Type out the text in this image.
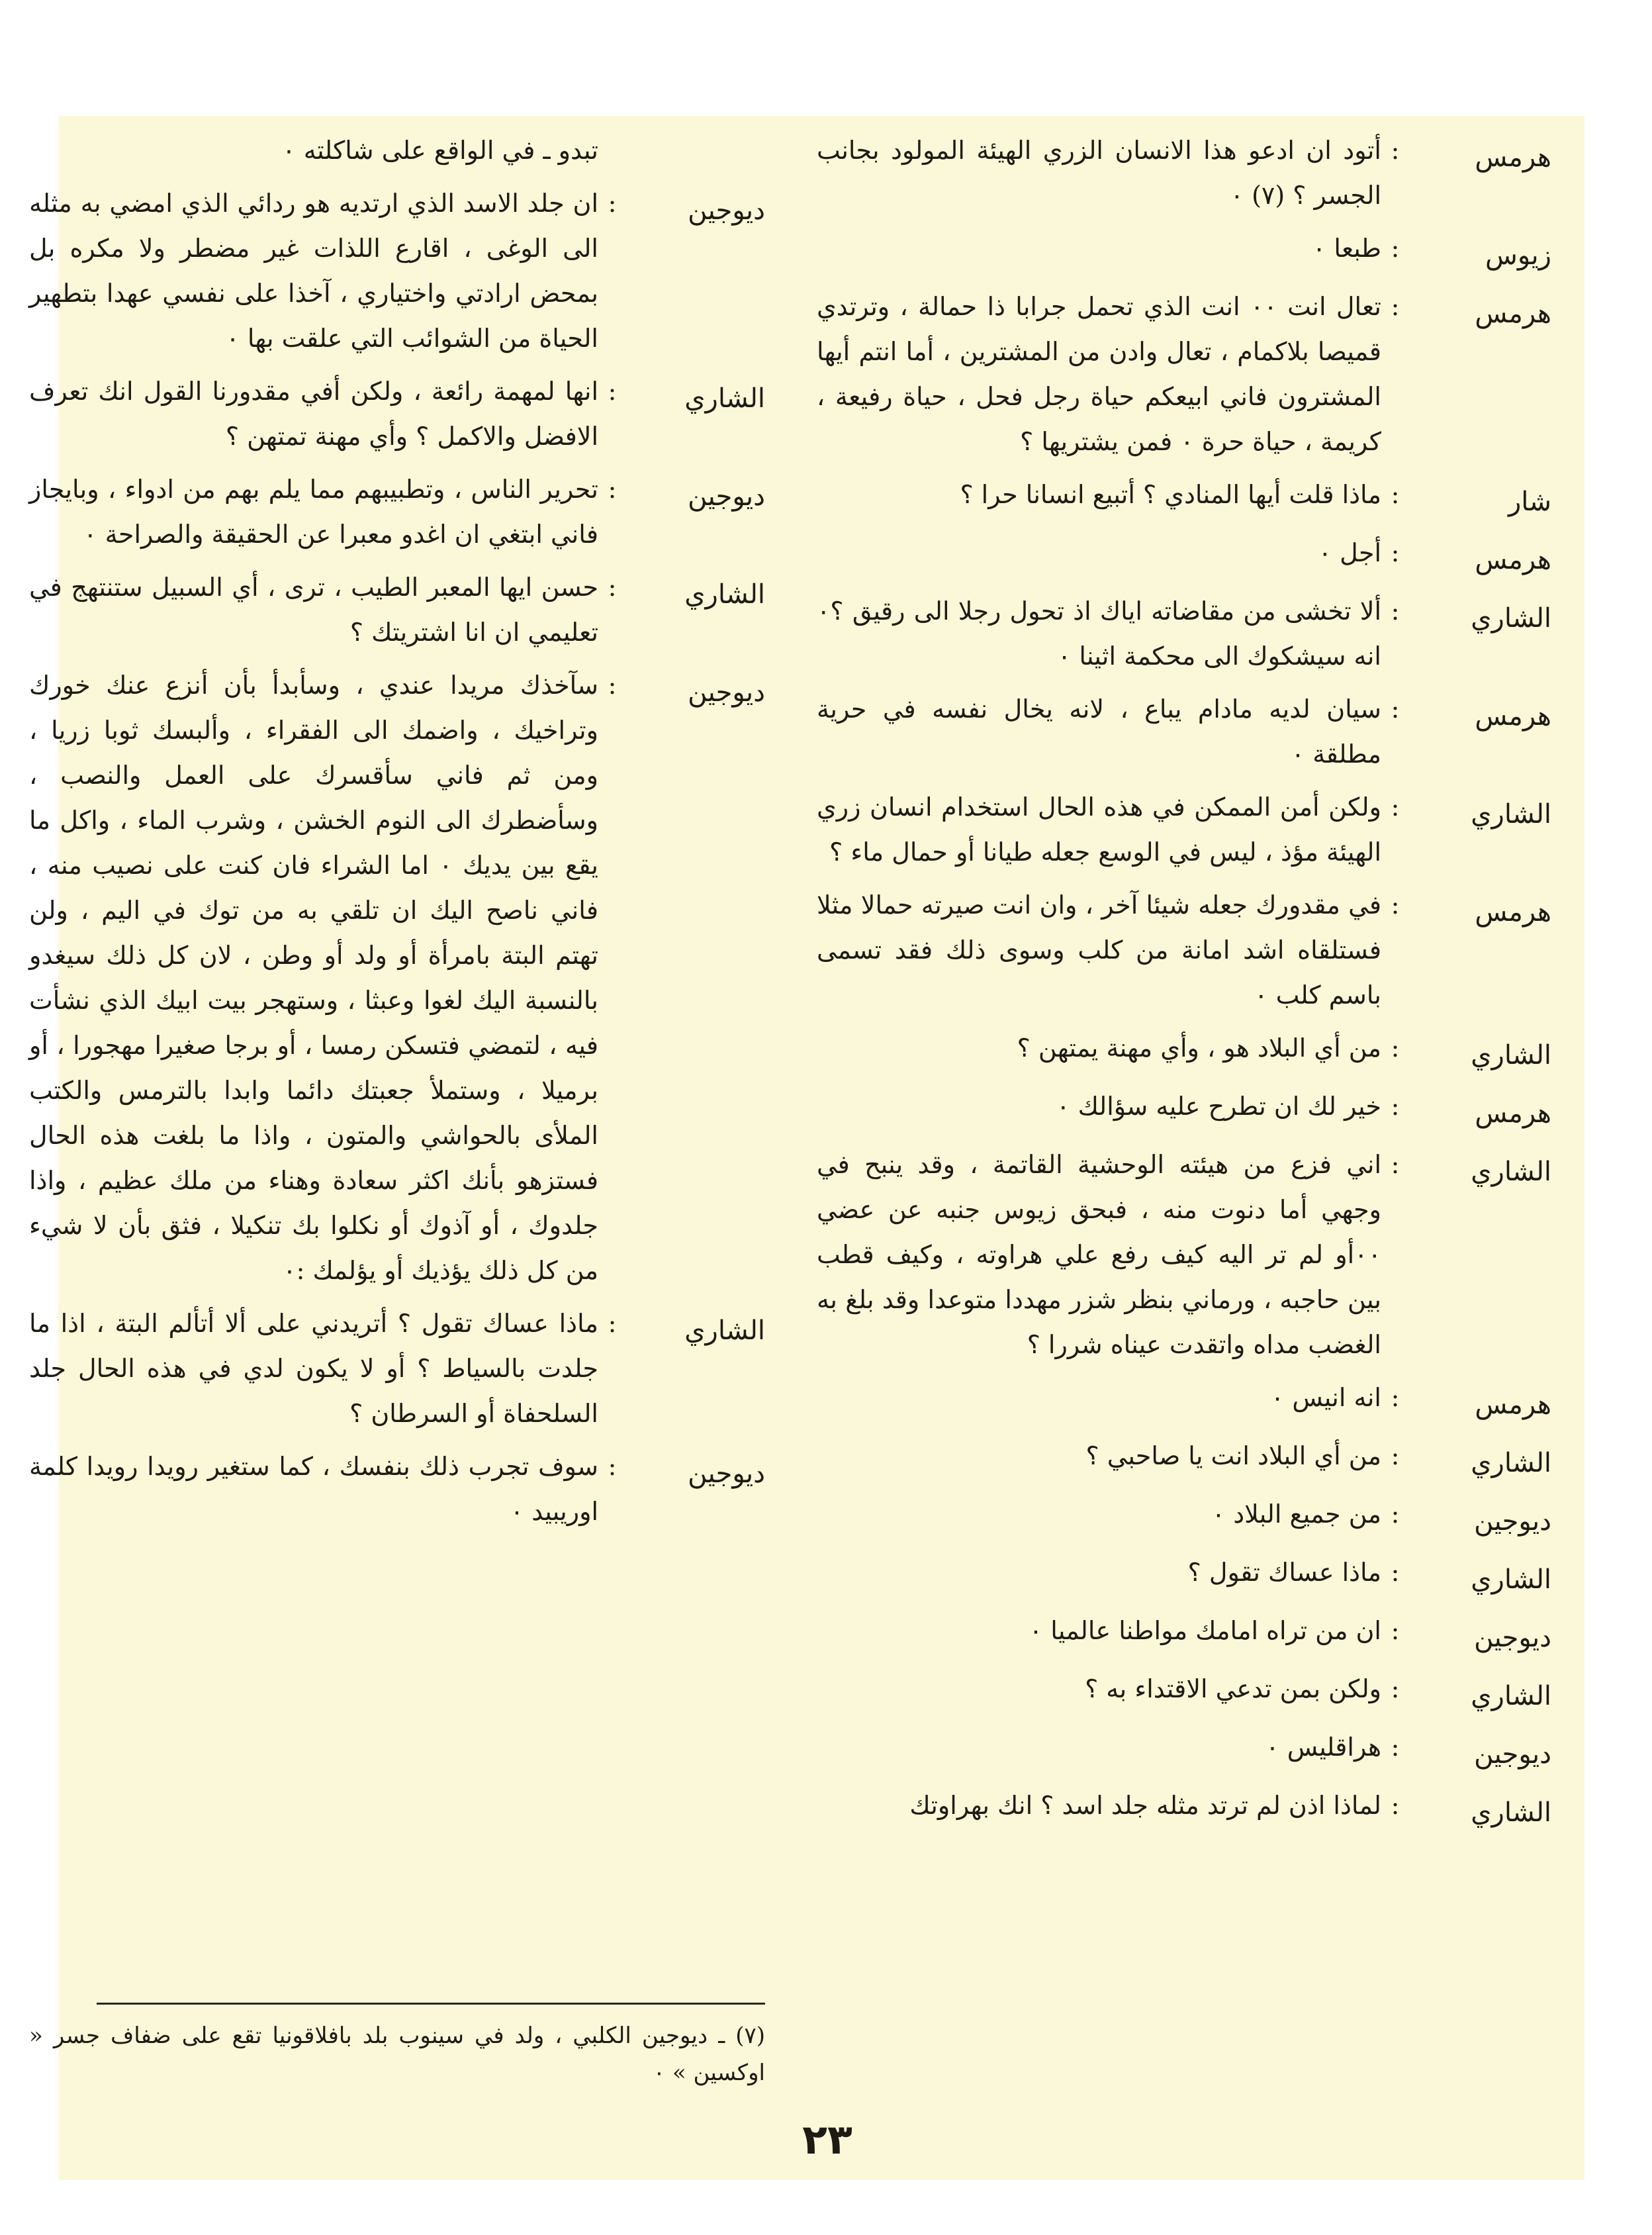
هرمس
:
أتود ان ادعو هذا الانسان الزري الهيئة المولود بجانب الجسر ؟ (٧) ٠
زيوس
:
طبعا ٠
هرمس
:
تعال انت ٠٠ انت الذي تحمل جرابا ذا حمالة ، وترتدي قميصا بلاكمام ، تعال وادن من المشترين ، أما انتم أيها المشترون فاني ابيعكم حياة رجل فحل ، حياة رفيعة ، كريمة ، حياة حرة ٠ فمن يشتريها ؟
شار
:
ماذا قلت أيها المنادي ؟ أتبيع انسانا حرا ؟
هرمس
:
أجل ٠
الشاري
:
ألا تخشى من مقاضاته اياك اذ تحول رجلا الى رقيق ؟٠ انه سيشكوك الى محكمة اثينا ٠
هرمس
:
سيان لديه مادام يباع ، لانه يخال نفسه في حرية مطلقة ٠
الشاري
:
ولكن أمن الممكن في هذه الحال استخدام انسان زري الهيئة مؤذ ، ليس في الوسع جعله طيانا أو حمال ماء ؟
هرمس
:
في مقدورك جعله شيئا آخر ، وان انت صيرته حمالا مثلا فستلقاه اشد امانة من كلب وسوى ذلك فقد تسمى باسم كلب ٠
الشاري
:
من أي البلاد هو ، وأي مهنة يمتهن ؟
هرمس
:
خير لك ان تطرح عليه سؤالك ٠
الشاري
:
اني فزع من هيئته الوحشية القاتمة ، وقد ينبح في وجهي أما دنوت منه ، فبحق زيوس جنبه عن عضي ٠٠أو لم تر اليه كيف رفع علي هراوته ، وكيف قطب بين حاجبه ، ورماني بنظر شزر مهددا متوعدا وقد بلغ به الغضب مداه واتقدت عيناه شررا ؟
هرمس
:
انه انيس ٠
الشاري
:
من أي البلاد انت يا صاحبي ؟
ديوجين
:
من جميع البلاد ٠
الشاري
:
ماذا عساك تقول ؟
ديوجين
:
ان من تراه امامك مواطنا عالميا ٠
الشاري
:
ولكن بمن تدعي الاقتداء به ؟
ديوجين
:
هراقليس ٠
الشاري
:
لماذا اذن لم ترتد مثله جلد اسد ؟ انك بهراوتك
تبدو ـ في الواقع على شاكلته ٠
ديوجين
:
ان جلد الاسد الذي ارتديه هو ردائي الذي امضي به مثله الى الوغى ، اقارع اللذات غير مضطر ولا مكره بل بمحض ارادتي واختياري ، آخذا على نفسي عهدا بتطهير الحياة من الشوائب التي علقت بها ٠
الشاري
:
انها لمهمة رائعة ، ولكن أفي مقدورنا القول انك تعرف الافضل والاكمل ؟ وأي مهنة تمتهن ؟
ديوجين
:
تحرير الناس ، وتطبيبهم مما يلم بهم من ادواء ، وبايجاز فاني ابتغي ان اغدو معبرا عن الحقيقة والصراحة ٠
الشاري
:
حسن ايها المعبر الطيب ، ترى ، أي السبيل ستنتهج في تعليمي ان انا اشتريتك ؟
ديوجين
:
سآخذك مريدا عندي ، وسأبدأ بأن أنزع عنك خورك وتراخيك ، واضمك الى الفقراء ، وألبسك ثوبا زريا ، ومن ثم فاني سأقسرك على العمل والنصب ، وسأضطرك الى النوم الخشن ، وشرب الماء ، واكل ما يقع بين يديك ٠ اما الشراء فان كنت على نصيب منه ، فاني ناصح اليك ان تلقي به من توك في اليم ، ولن تهتم البتة بامرأة أو ولد أو وطن ، لان كل ذلك سيغدو بالنسبة اليك لغوا وعبثا ، وستهجر بيت ابيك الذي نشأت فيه ، لتمضي فتسكن رمسا ، أو برجا صغيرا مهجورا ، أو برميلا ، وستملأ جعبتك دائما وابدا بالترمس والكتب الملأى بالحواشي والمتون ، واذا ما بلغت هذه الحال فستزهو بأنك اكثر سعادة وهناء من ملك عظيم ، واذا جلدوك ، أو آذوك أو نكلوا بك تنكيلا ، فثق بأن لا شيء من كل ذلك يؤذيك أو يؤلمك :٠
الشاري
:
ماذا عساك تقول ؟ أتريدني على ألا أتألم البتة ، اذا ما جلدت بالسياط ؟ أو لا يكون لدي في هذه الحال جلد السلحفاة أو السرطان ؟
ديوجين
:
سوف تجرب ذلك بنفسك ، كما ستغير رويدا رويدا كلمة اوريبيد ٠
(٧) ـ ديوجين الكلبي ، ولد في سينوب بلد بافلاقونيا تقع على ضفاف جسر « اوكسين » ٠
٢٣
